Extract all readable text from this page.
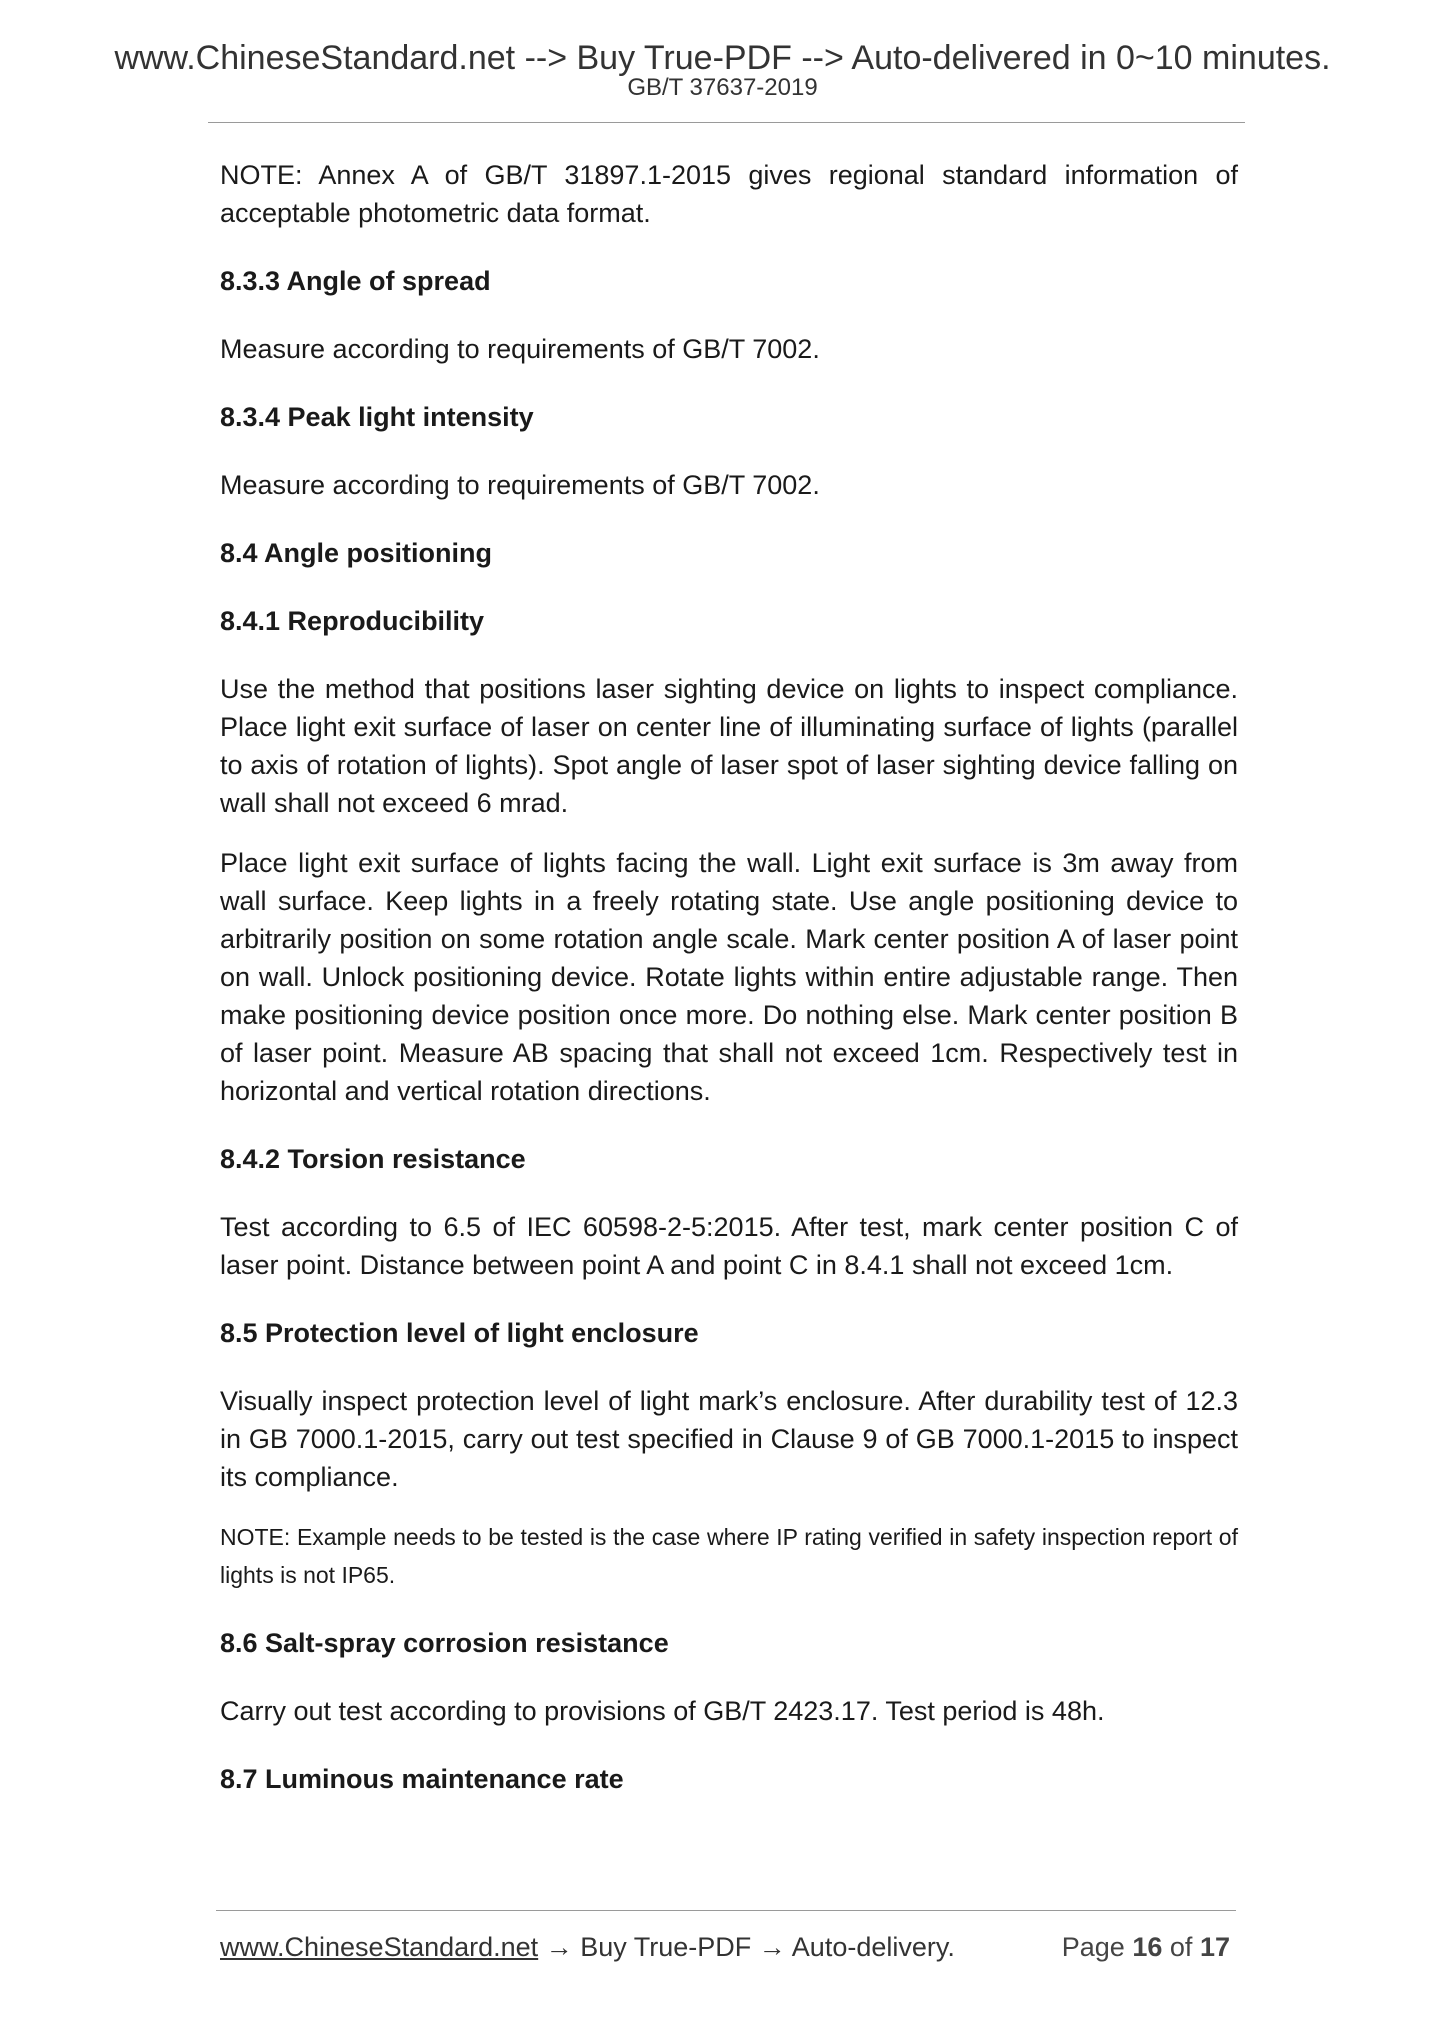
www.ChineseStandard.net --> Buy True-PDF --> Auto-delivered in 0~10 minutes.
GB/T 37637-2019

NOTE: Annex A of GB/T 31897.1-2015 gives regional standard information of acceptable photometric data format.

8.3.3 Angle of spread

Measure according to requirements of GB/T 7002.

8.3.4 Peak light intensity

Measure according to requirements of GB/T 7002.

8.4 Angle positioning

8.4.1 Reproducibility

Use the method that positions laser sighting device on lights to inspect compliance. Place light exit surface of laser on center line of illuminating surface of lights (parallel to axis of rotation of lights). Spot angle of laser spot of laser sighting device falling on wall shall not exceed 6 mrad.

Place light exit surface of lights facing the wall. Light exit surface is 3m away from wall surface. Keep lights in a freely rotating state. Use angle positioning device to arbitrarily position on some rotation angle scale. Mark center position A of laser point on wall. Unlock positioning device. Rotate lights within entire adjustable range. Then make positioning device position once more. Do nothing else. Mark center position B of laser point. Measure AB spacing that shall not exceed 1cm. Respectively test in horizontal and vertical rotation directions.

8.4.2 Torsion resistance

Test according to 6.5 of IEC 60598-2-5:2015. After test, mark center position C of laser point. Distance between point A and point C in 8.4.1 shall not exceed 1cm.

8.5 Protection level of light enclosure

Visually inspect protection level of light mark’s enclosure. After durability test of 12.3 in GB 7000.1-2015, carry out test specified in Clause 9 of GB 7000.1-2015 to inspect its compliance.

NOTE: Example needs to be tested is the case where IP rating verified in safety inspection report of lights is not IP65.

8.6 Salt-spray corrosion resistance

Carry out test according to provisions of GB/T 2423.17. Test period is 48h.

8.7 Luminous maintenance rate

www.ChineseStandard.net → Buy True-PDF → Auto-delivery.	Page 16 of 17
